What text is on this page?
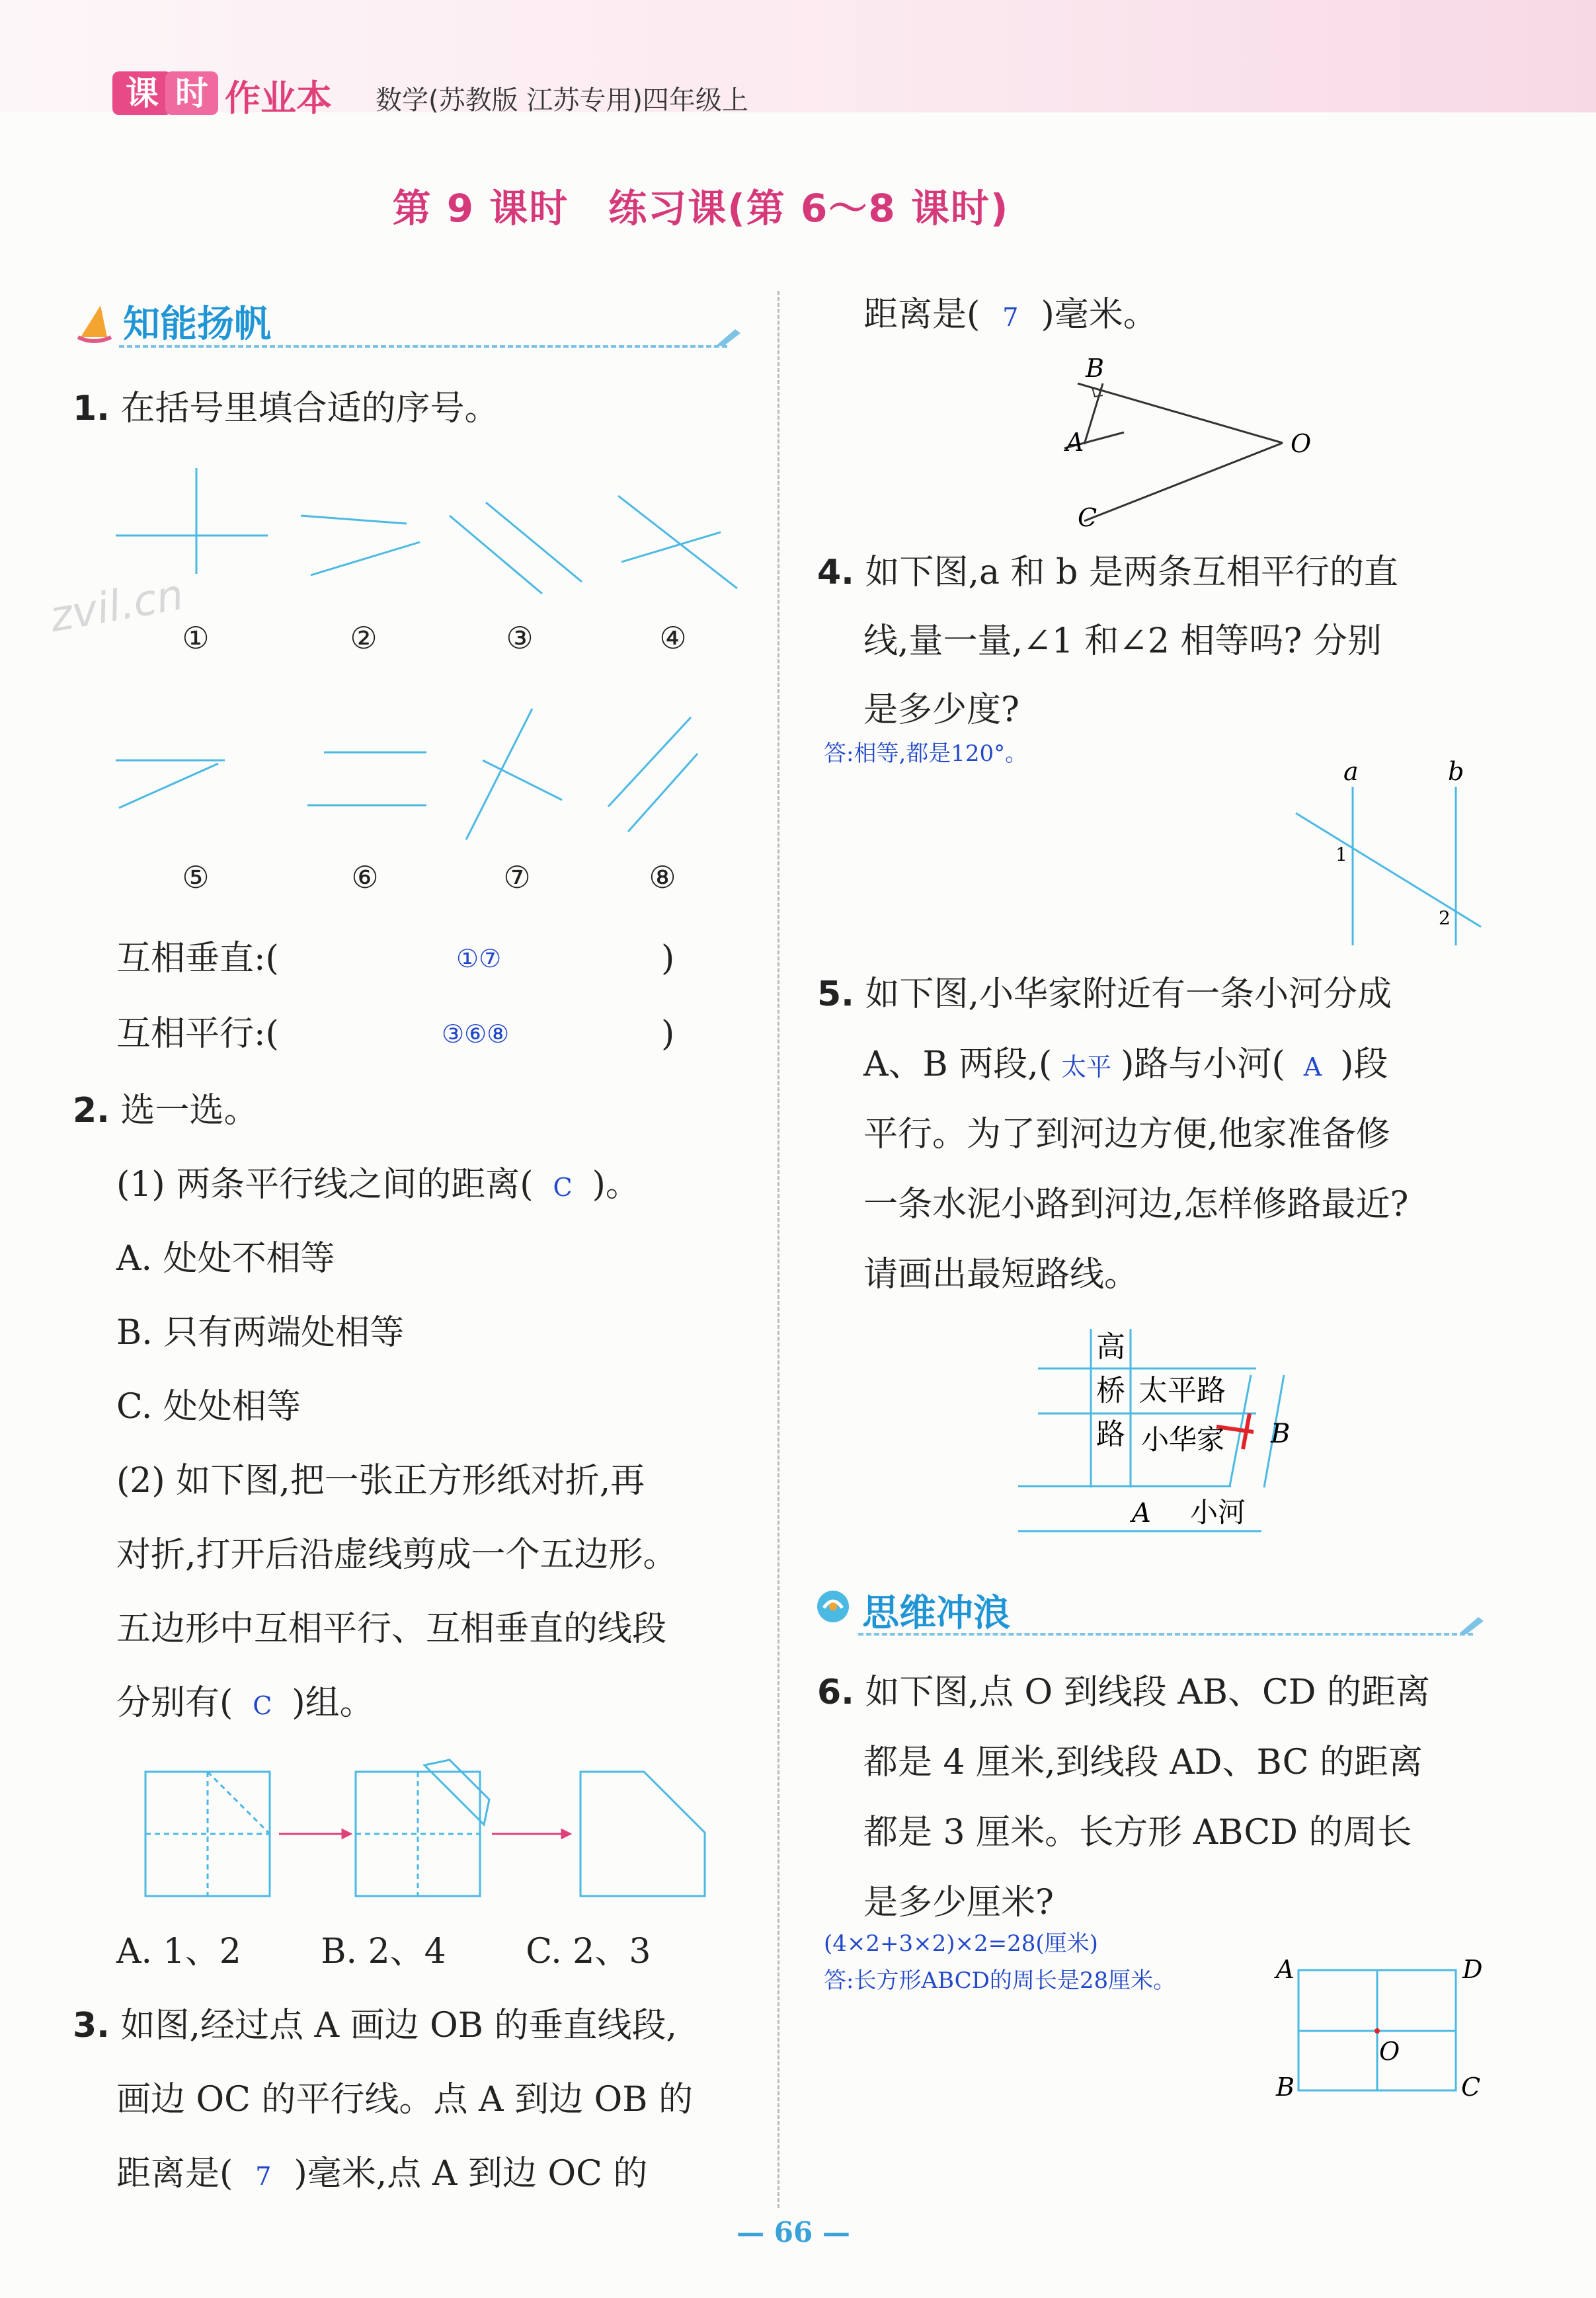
课 时 作业本 数学(苏教版 江苏专用)四年级上
第 9 课时　练习课(第 6～8 课时)
知能扬帆
1. 在括号里填合适的序号。
zvil.cn
①	②	③	④
⑤	⑥	⑦	⑧
互相垂直:(	①⑦	)
互相平行:(	③⑥⑧	)
2. 选一选。
(1) 两条平行线之间的距离( C )。
A. 处处不相等
B. 只有两端处相等
C. 处处相等
(2) 如下图,把一张正方形纸对折,再
对折,打开后沿虚线剪成一个五边形。
五边形中互相平行、互相垂直的线段
分别有( C )组。
A. 1、2　　 B. 2、4　　 C. 2、3
3. 如图,经过点 A 画边 OB 的垂直线段,
画边 OC 的平行线。点 A 到边 OB 的
距离是( 7 )毫米,点 A 到边 OC 的
距离是( 7 )毫米。
B
A	O
C
4. 如下图,a 和 b 是两条互相平行的直
线,量一量,∠1 和∠2 相等吗? 分别
是多少度?
答:相等,都是120°。
a	b
1
2
5. 如下图,小华家附近有一条小河分成
A、B 两段,( 太平 )路与小河( A )段
平行。为了到河边方便,他家准备修
一条水泥小路到河边,怎样修路最近?
请画出最短路线。
高
桥
路
太平路
小华家 B
A 小河
思维冲浪
6. 如下图,点 O 到线段 AB、CD 的距离
都是 4 厘米,到线段 AD、BC 的距离
都是 3 厘米。长方形 ABCD 的周长
是多少厘米?
(4×2+3×2)×2=28(厘米)
答:长方形ABCD的周长是28厘米。	A	D
O
B	C
— 66 —
